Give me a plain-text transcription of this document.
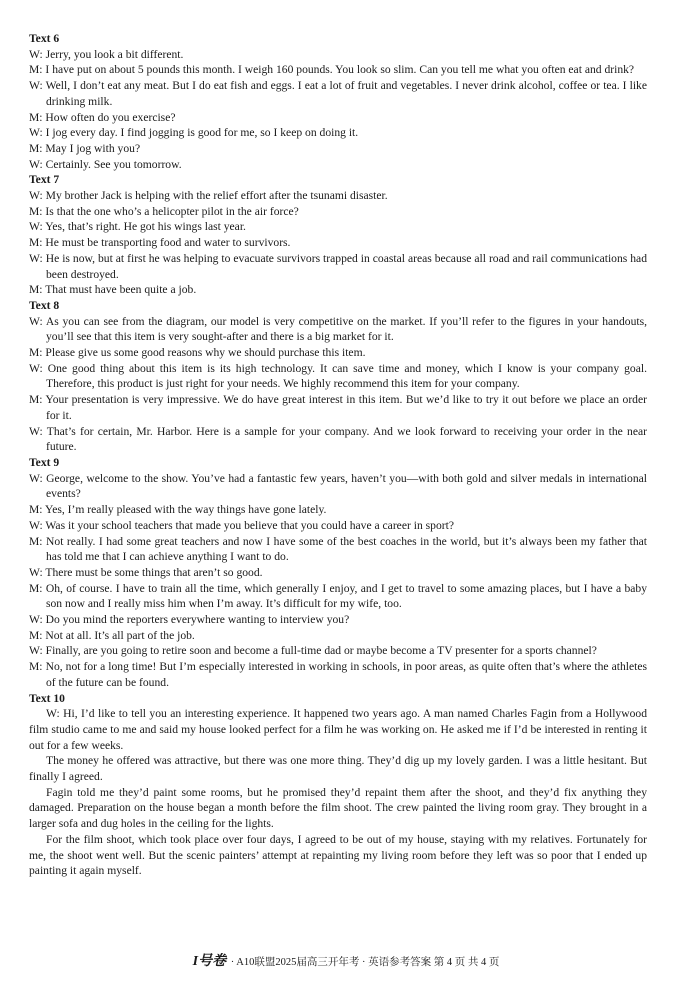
Text 6
W: Jerry, you look a bit different.
M: I have put on about 5 pounds this month. I weigh 160 pounds. You look so slim. Can you tell me what you often eat and drink?
W: Well, I don’t eat any meat. But I do eat fish and eggs. I eat a lot of fruit and vegetables. I never drink alcohol, coffee or tea. I like drinking milk.
M: How often do you exercise?
W: I jog every day. I find jogging is good for me, so I keep on doing it.
M: May I jog with you?
W: Certainly. See you tomorrow.
Text 7
W: My brother Jack is helping with the relief effort after the tsunami disaster.
M: Is that the one who’s a helicopter pilot in the air force?
W: Yes, that’s right. He got his wings last year.
M: He must be transporting food and water to survivors.
W: He is now, but at first he was helping to evacuate survivors trapped in coastal areas because all road and rail communications had been destroyed.
M: That must have been quite a job.
Text 8
W: As you can see from the diagram, our model is very competitive on the market. If you’ll refer to the figures in your handouts, you’ll see that this item is very sought-after and there is a big market for it.
M: Please give us some good reasons why we should purchase this item.
W: One good thing about this item is its high technology. It can save time and money, which I know is your company goal. Therefore, this product is just right for your needs. We highly recommend this item for your company.
M: Your presentation is very impressive. We do have great interest in this item. But we’d like to try it out before we place an order for it.
W: That’s for certain, Mr. Harbor. Here is a sample for your company. And we look forward to receiving your order in the near future.
Text 9
W: George, welcome to the show. You’ve had a fantastic few years, haven’t you—with both gold and silver medals in international events?
M: Yes, I’m really pleased with the way things have gone lately.
W: Was it your school teachers that made you believe that you could have a career in sport?
M: Not really. I had some great teachers and now I have some of the best coaches in the world, but it’s always been my father that has told me that I can achieve anything I want to do.
W: There must be some things that aren’t so good.
M: Oh, of course. I have to train all the time, which generally I enjoy, and I get to travel to some amazing places, but I have a baby son now and I really miss him when I’m away. It’s difficult for my wife, too.
W: Do you mind the reporters everywhere wanting to interview you?
M: Not at all. It’s all part of the job.
W: Finally, are you going to retire soon and become a full-time dad or maybe become a TV presenter for a sports channel?
M: No, not for a long time! But I’m especially interested in working in schools, in poor areas, as quite often that’s where the athletes of the future can be found.
Text 10
W: Hi, I’d like to tell you an interesting experience. It happened two years ago. A man named Charles Fagin from a Hollywood film studio came to me and said my house looked perfect for a film he was working on. He asked me if I’d be interested in renting it out for a few weeks.
The money he offered was attractive, but there was one more thing. They’d dig up my lovely garden. I was a little hesitant. But finally I agreed.
Fagin told me they’d paint some rooms, but he promised they’d repaint them after the shoot, and they’d fix anything they damaged. Preparation on the house began a month before the film shoot. The crew painted the living room gray. They brought in a larger sofa and dug holes in the ceiling for the lights.
For the film shoot, which took place over four days, I agreed to be out of my house, staying with my relatives. Fortunately for me, the shoot went well. But the scenic painters’ attempt at repainting my living room before they left was so poor that I ended up painting it again myself.
I号卷 · A10联盟2025届高三开年考 · 英语参考答案 第 4 页 共 4 页
